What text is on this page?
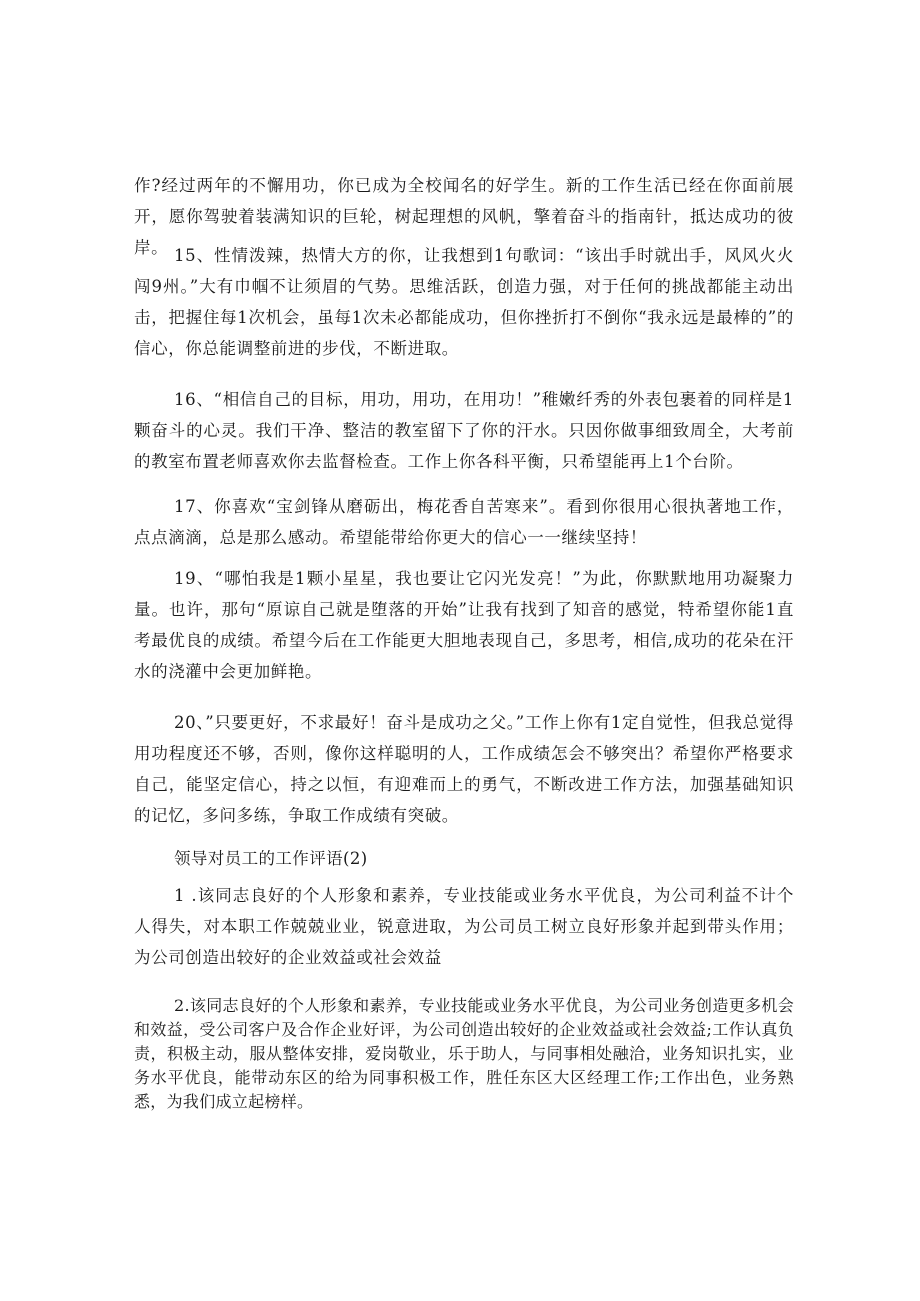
作?经过两年的不懈用功，你已成为全校闻名的好学生。新的工作生活已经在你面前展开，愿你驾驶着装满知识的巨轮，树起理想的风帆，擎着奋斗的指南针，抵达成功的彼岸。 15、性情泼辣，热情大方的你，让我想到1句歌词：“该出手时就出手，风风火火闯9州。”大有巾帼不让须眉的气势。思维活跃，创造力强，对于任何的挑战都能主动出击，把握住每1次机会，虽每1次未必都能成功，但你挫折打不倒你“我永远是最棒的”的信心，你总能调整前进的步伐，不断进取。

16、“相信自己的目标，用功，用功，在用功！”稚嫩纤秀的外表包裹着的同样是1颗奋斗的心灵。我们干净、整洁的教室留下了你的汗水。只因你做事细致周全，大考前的教室布置老师喜欢你去监督检查。工作上你各科平衡，只希望能再上1个台阶。

17、你喜欢“宝剑锋从磨砺出，梅花香自苦寒来”。看到你很用心很执著地工作，点点滴滴，总是那么感动。希望能带给你更大的信心一一继续坚持！

19、“哪怕我是1颗小星星，我也要让它闪光发亮！”为此，你默默地用功凝聚力量。也许，那句“原谅自己就是堕落的开始”让我有找到了知音的感觉，特希望你能1直考最优良的成绩。希望今后在工作能更大胆地表现自己，多思考，相信,成功的花朵在汗水的浇灌中会更加鲜艳。

20、”只要更好，不求最好！奋斗是成功之父。”工作上你有1定自觉性，但我总觉得用功程度还不够，否则，像你这样聪明的人，工作成绩怎会不够突出？希望你严格要求自己，能坚定信心，持之以恒，有迎难而上的勇气，不断改进工作方法，加强基础知识的记忆，多问多练，争取工作成绩有突破。

领导对员工的工作评语(2)

1 .该同志良好的个人形象和素养，专业技能或业务水平优良，为公司利益不计个人得失，对本职工作兢兢业业，锐意进取，为公司员工树立良好形象并起到带头作用；为公司创造出较好的企业效益或社会效益

2.该同志良好的个人形象和素养，专业技能或业务水平优良，为公司业务创造更多机会和效益，受公司客户及合作企业好评，为公司创造出较好的企业效益或社会效益;工作认真负责，积极主动，服从整体安排，爱岗敬业，乐于助人，与同事相处融洽，业务知识扎实，业务水平优良，能带动东区的给为同事积极工作，胜任东区大区经理工作;工作出色，业务熟悉，为我们成立起榜样。
